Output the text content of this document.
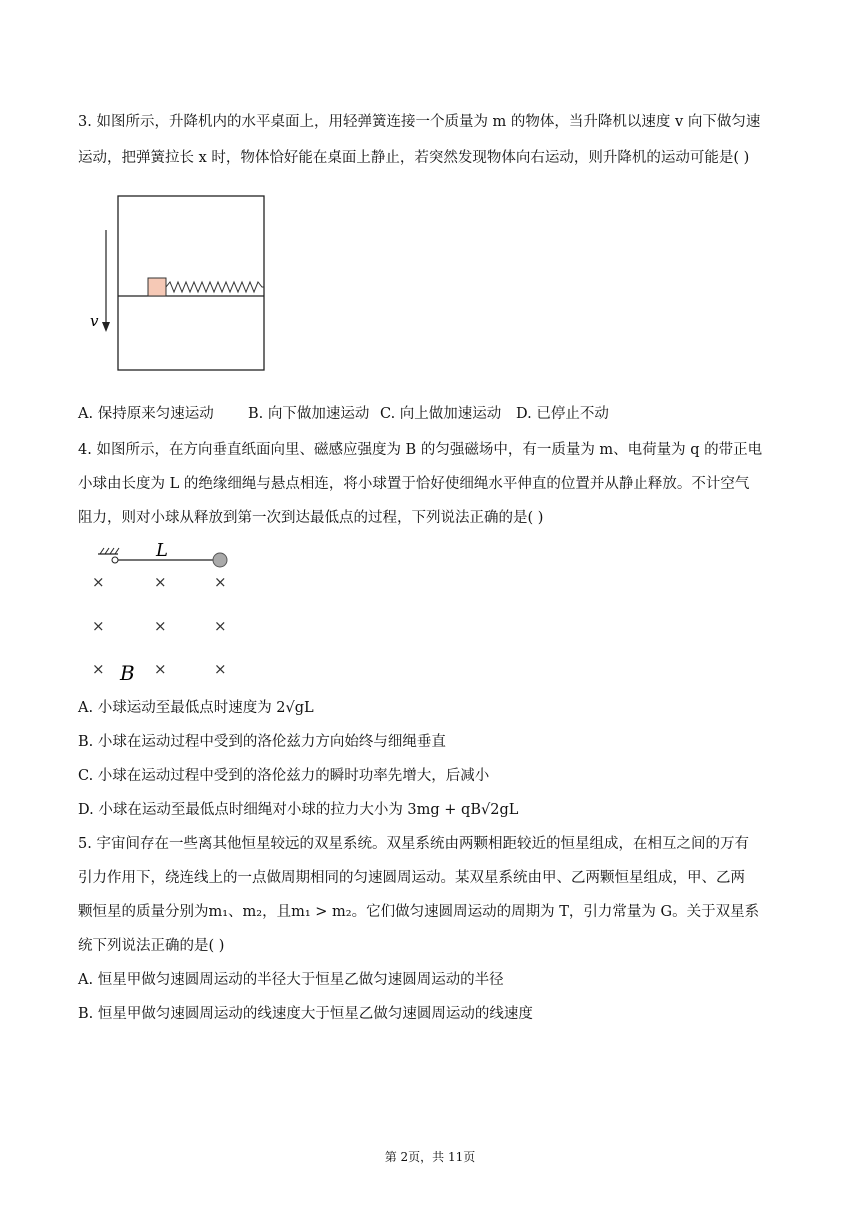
3. 如图所示，升降机内的水平桌面上，用轻弹簧连接一个质量为 m 的物体，当升降机以速度 v 向下做匀速
运动，把弹簧拉长 x 时，物体恰好能在桌面上静止，若突然发现物体向右运动，则升降机的运动可能是( )
v
A. 保持原来匀速运动 B. 向下做加速运动 C. 向上做加速运动 D. 已停止不动
4. 如图所示，在方向垂直纸面向里、磁感应强度为 B 的匀强磁场中，有一质量为 m、电荷量为 q 的带正电
小球由长度为 L 的绝缘细绳与悬点相连，将小球置于恰好使细绳水平伸直的位置并从静止释放。不计空气
阻力，则对小球从释放到第一次到达最低点的过程，下列说法正确的是( )
L
×	×	×
×	×	×
×	×	×
B
A. 小球运动至最低点时速度为 2√gL
B. 小球在运动过程中受到的洛伦兹力方向始终与细绳垂直
C. 小球在运动过程中受到的洛伦兹力的瞬时功率先增大，后减小
D. 小球在运动至最低点时细绳对小球的拉力大小为 3mg + qB√2gL
5. 宇宙间存在一些离其他恒星较远的双星系统。双星系统由两颗相距较近的恒星组成，在相互之间的万有
引力作用下，绕连线上的一点做周期相同的匀速圆周运动。某双星系统由甲、乙两颗恒星组成，甲、乙两
颗恒星的质量分别为m₁、m₂，且m₁ > m₂。它们做匀速圆周运动的周期为 T，引力常量为 G。关于双星系
统下列说法正确的是( )
A. 恒星甲做匀速圆周运动的半径大于恒星乙做匀速圆周运动的半径
B. 恒星甲做匀速圆周运动的线速度大于恒星乙做匀速圆周运动的线速度
第 2页，共 11页
